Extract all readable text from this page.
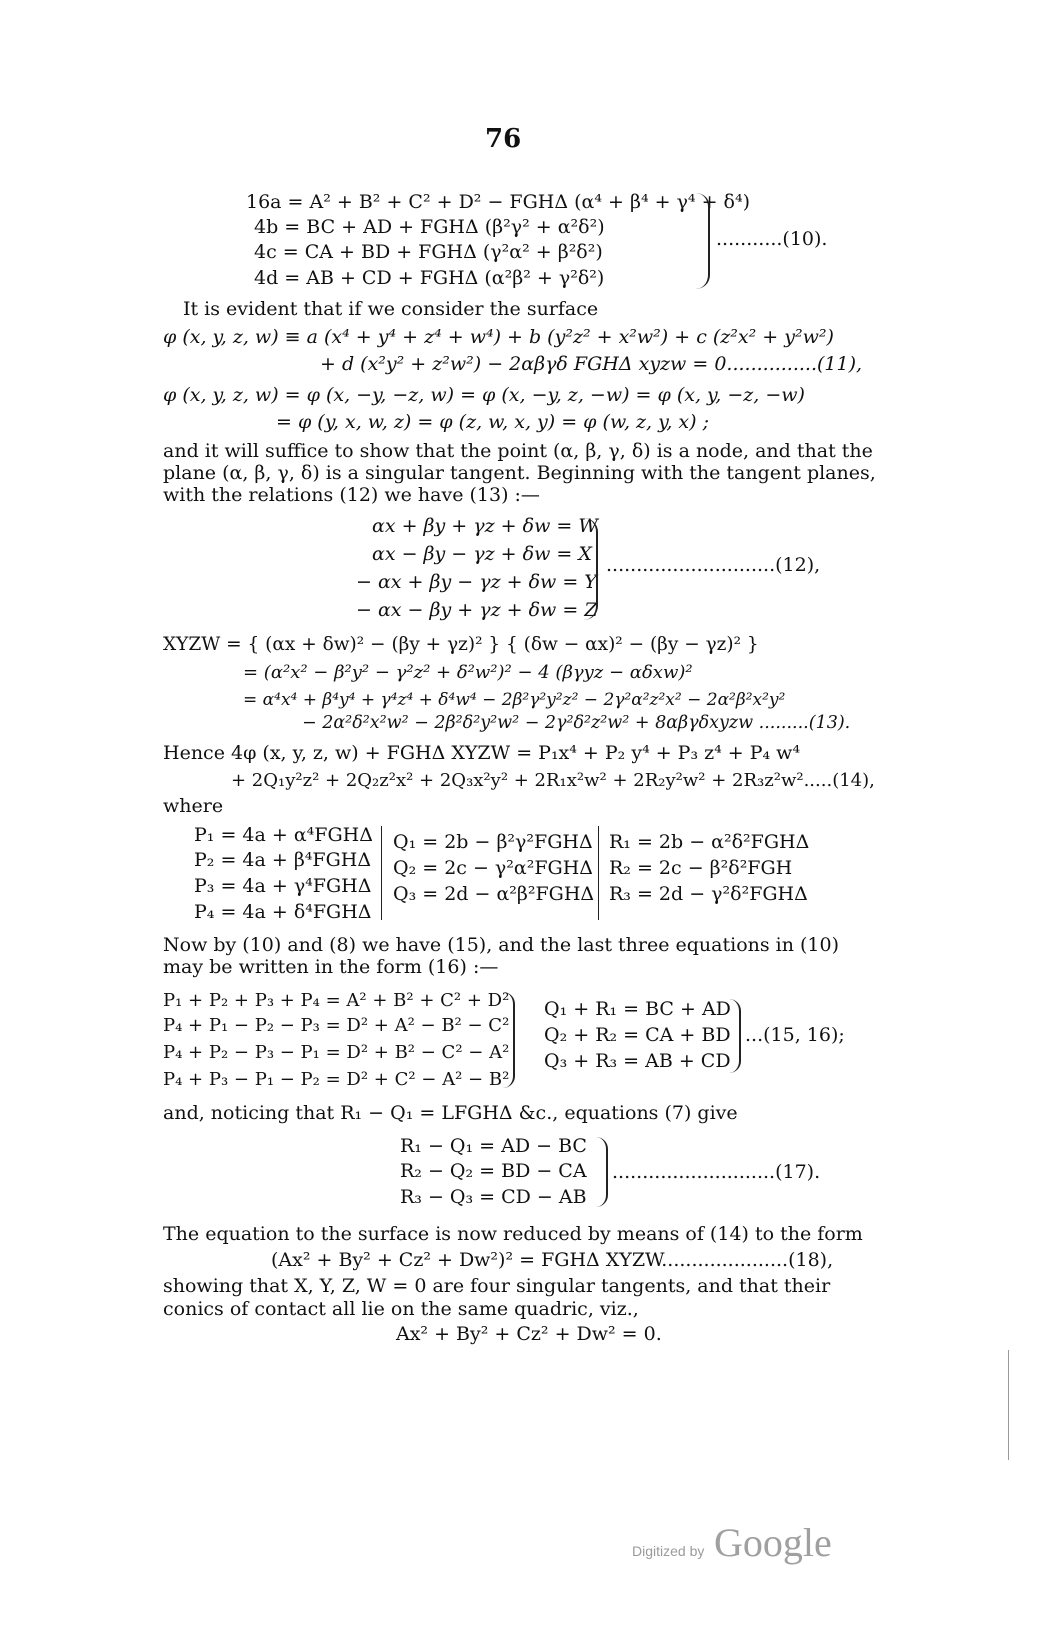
76
16a = A² + B² + C² + D² − FGHΔ (α⁴ + β⁴ + γ⁴ + δ⁴)
4b = BC + AD + FGHΔ (β²γ² + α²δ²)
4c = CA + BD + FGHΔ (γ²α² + β²δ²)
4d = AB + CD + FGHΔ (α²β² + γ²δ²)
...........(10).
It is evident that if we consider the surface
φ (x, y, z, w) ≡ a (x⁴ + y⁴ + z⁴ + w⁴) + b (y²z² + x²w²) + c (z²x² + y²w²)
+ d (x²y² + z²w²) − 2αβγδ FGHΔ xyzw = 0...............(11),
φ (x, y, z, w) = φ (x, −y, −z, w) = φ (x, −y, z, −w) = φ (x, y, −z, −w)
= φ (y, x, w, z) = φ (z, w, x, y) = φ (w, z, y, x) ;
and it will suffice to show that the point (α, β, γ, δ) is a node, and that the
plane (α, β, γ, δ) is a singular tangent. Beginning with the tangent planes,
with the relations (12) we have (13) :—
αx + βy + γz + δw = W
αx − βy − γz + δw = X
− αx + βy − γz + δw = Y
− αx − βy + γz + δw = Z
............................(12),
XYZW = { (αx + δw)² − (βy + γz)² } { (δw − αx)² − (βy − γz)² }
= (α²x² − β²y² − γ²z² + δ²w²)² − 4 (βγyz − αδxw)²
= α⁴x⁴ + β⁴y⁴ + γ⁴z⁴ + δ⁴w⁴ − 2β²γ²y²z² − 2γ²α²z²x² − 2α²β²x²y²
− 2α²δ²x²w² − 2β²δ²y²w² − 2γ²δ²z²w² + 8αβγδxyzw .........(13).
Hence 4φ (x, y, z, w) + FGHΔ XYZW = P₁x⁴ + P₂ y⁴ + P₃ z⁴ + P₄ w⁴
+ 2Q₁y²z² + 2Q₂z²x² + 2Q₃x²y² + 2R₁x²w² + 2R₂y²w² + 2R₃z²w².....(14),
where
P₁ = 4a + α⁴FGHΔ
P₂ = 4a + β⁴FGHΔ
P₃ = 4a + γ⁴FGHΔ
P₄ = 4a + δ⁴FGHΔ
Q₁ = 2b − β²γ²FGHΔ
Q₂ = 2c − γ²α²FGHΔ
Q₃ = 2d − α²β²FGHΔ
R₁ = 2b − α²δ²FGHΔ
R₂ = 2c − β²δ²FGH
R₃ = 2d − γ²δ²FGHΔ
Now by (10) and (8) we have (15), and the last three equations in (10)
may be written in the form (16) :—
P₁ + P₂ + P₃ + P₄ = A² + B² + C² + D²
P₄ + P₁ − P₂ − P₃ = D² + A² − B² − C²
P₄ + P₂ − P₃ − P₁ = D² + B² − C² − A²
P₄ + P₃ − P₁ − P₂ = D² + C² − A² − B²
Q₁ + R₁ = BC + AD
Q₂ + R₂ = CA + BD
Q₃ + R₃ = AB + CD
...(15, 16);
and, noticing that R₁ − Q₁ = LFGHΔ &c., equations (7) give
R₁ − Q₁ = AD − BC
R₂ − Q₂ = BD − CA
R₃ − Q₃ = CD − AB
...........................(17).
The equation to the surface is now reduced by means of (14) to the form
(Ax² + By² + Cz² + Dw²)² = FGHΔ XYZW.....................(18),
showing that X, Y, Z, W = 0 are four singular tangents, and that their
conics of contact all lie on the same quadric, viz.,
Ax² + By² + Cz² + Dw² = 0.
Digitized by Google
